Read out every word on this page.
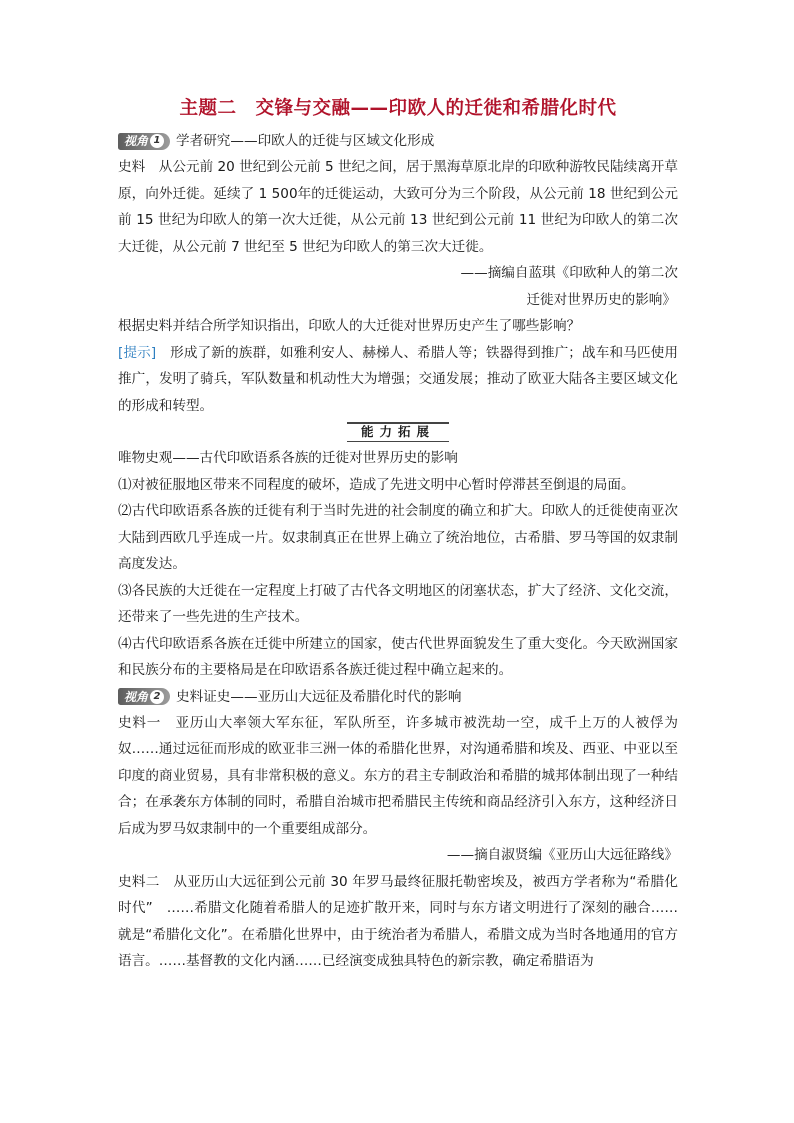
主题二　交锋与交融——印欧人的迁徙和希腊化时代
视角 1 学者研究——印欧人的迁徙与区域文化形成

史料　从公元前 20 世纪到公元前 5 世纪之间，居于黑海草原北岸的印欧种游牧民陆续离开草原，向外迁徙。延续了 1 500年的迁徙运动，大致可分为三个阶段，从公元前 18 世纪到公元前 15 世纪为印欧人的第一次大迁徙，从公元前 13 世纪到公元前 11 世纪为印欧人的第二次大迁徙，从公元前 7 世纪至 5 世纪为印欧人的第三次大迁徙。

——摘编自蓝琪《印欧种人的第二次

迁徙对世界历史的影响》

根据史料并结合所学知识指出，印欧人的大迁徙对世界历史产生了哪些影响？

[提示]　形成了新的族群，如雅利安人、赫梯人、希腊人等；铁器得到推广；战车和马匹使用推广，发明了骑兵，军队数量和机动性大为增强；交通发展；推动了欧亚大陆各主要区域文化的形成和转型。

能力拓展

唯物史观——古代印欧语系各族的迁徙对世界历史的影响

⑴对被征服地区带来不同程度的破坏，造成了先进文明中心暂时停滞甚至倒退的局面。

⑵古代印欧语系各族的迁徙有利于当时先进的社会制度的确立和扩大。印欧人的迁徙使南亚次大陆到西欧几乎连成一片。奴隶制真正在世界上确立了统治地位，古希腊、罗马等国的奴隶制高度发达。

⑶各民族的大迁徙在一定程度上打破了古代各文明地区的闭塞状态，扩大了经济、文化交流，还带来了一些先进的生产技术。

⑷古代印欧语系各族在迁徙中所建立的国家，使古代世界面貌发生了重大变化。今天欧洲国家和民族分布的主要格局是在印欧语系各族迁徙过程中确立起来的。

视角 2 史料证史——亚历山大远征及希腊化时代的影响

史料一　亚历山大率领大军东征，军队所至，许多城市被洗劫一空，成千上万的人被俘为奴……通过远征而形成的欧亚非三洲一体的希腊化世界，对沟通希腊和埃及、西亚、中亚以至印度的商业贸易，具有非常积极的意义。东方的君主专制政治和希腊的城邦体制出现了一种结合；在承袭东方体制的同时，希腊自治城市把希腊民主传统和商品经济引入东方，这种经济日后成为罗马奴隶制中的一个重要组成部分。

——摘自淑贤编《亚历山大远征路线》

史料二　从亚历山大远征到公元前 30 年罗马最终征服托勒密埃及，被西方学者称为“希腊化时代”　……希腊文化随着希腊人的足迹扩散开来，同时与东方诸文明进行了深刻的融合……就是“希腊化文化”。在希腊化世界中，由于统治者为希腊人，希腊文成为当时各地通用的官方语言。……基督教的文化内涵……已经演变成独具特色的新宗教，确定希腊语为
